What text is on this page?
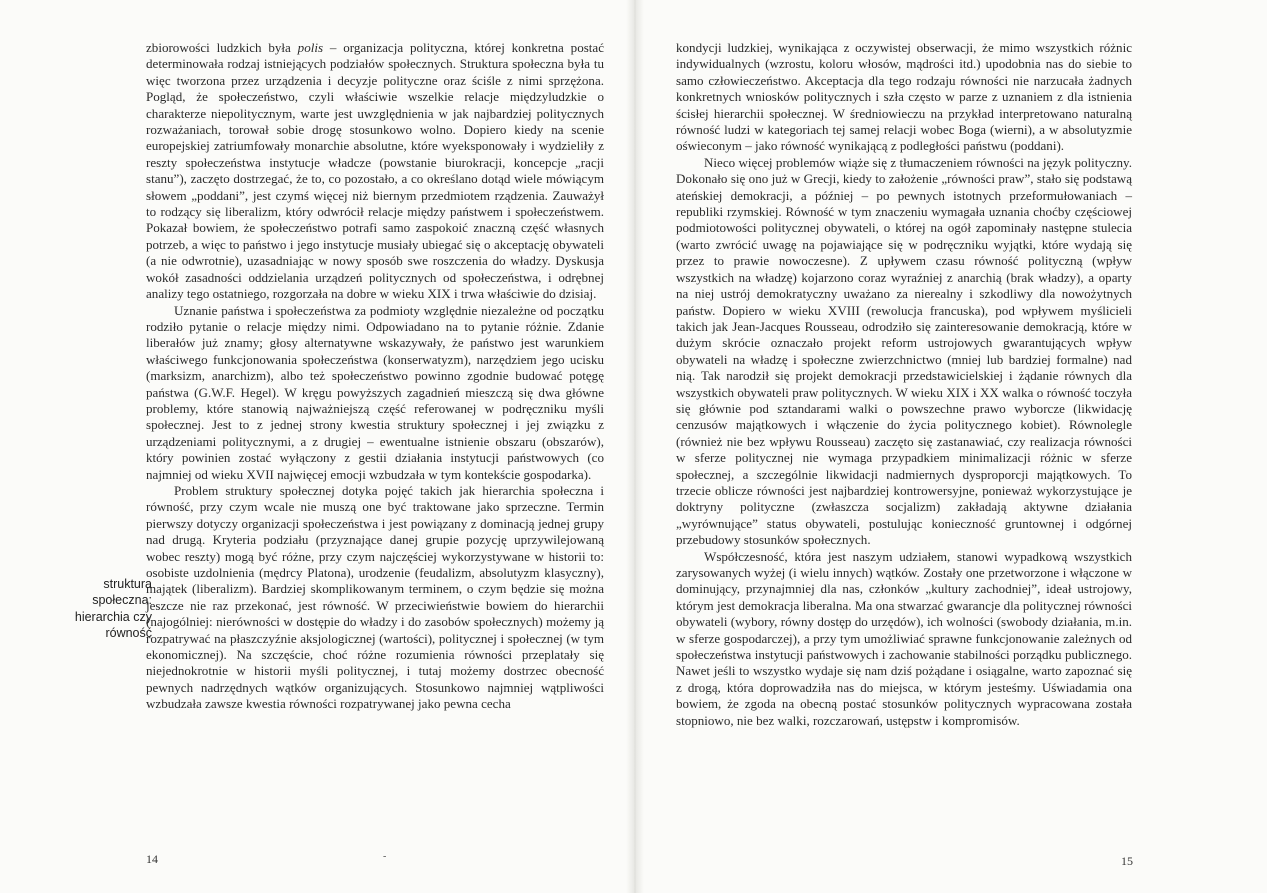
zbiorowości ludzkich była polis – organizacja polityczna, której konkretna postać determinowała rodzaj istniejących podziałów społecznych. Struktura społeczna była tu więc tworzona przez urządzenia i decyzje polityczne oraz ściśle z nimi sprzężona. Pogląd, że społeczeństwo, czyli właściwie wszelkie relacje międzyludzkie o charakterze niepolitycznym, warte jest uwzględnienia w jak najbardziej politycznych rozważaniach, torował sobie drogę stosunkowo wolno. Dopiero kiedy na scenie europejskiej zatriumfowały monarchie absolutne, które wyeksponowały i wydzieliły z reszty społeczeństwa instytucje władcze (powstanie biurokracji, koncepcje „racji stanu”), zaczęto dostrzegać, że to, co pozostało, a co określano dotąd wiele mówiącym słowem „poddani”, jest czymś więcej niż biernym przedmiotem rządzenia. Zauważył to rodzący się liberalizm, który odwrócił relacje między państwem i społeczeństwem. Pokazał bowiem, że społeczeństwo potrafi samo zaspokoić znaczną część własnych potrzeb, a więc to państwo i jego instytucje musiały ubiegać się o akceptację obywateli (a nie odwrotnie), uzasadniając w nowy sposób swe roszczenia do władzy. Dyskusja wokół zasadności oddzielania urządzeń politycznych od społeczeństwa, i odrębnej analizy tego ostatniego, rozgorzała na dobre w wieku XIX i trwa właściwie do dzisiaj.

Uznanie państwa i społeczeństwa za podmioty względnie niezależne od początku rodziło pytanie o relacje między nimi. Odpowiadano na to pytanie różnie. Zdanie liberałów już znamy; głosy alternatywne wskazywały, że państwo jest warunkiem właściwego funkcjonowania społeczeństwa (konserwatyzm), narzędziem jego ucisku (marksizm, anarchizm), albo też społeczeństwo powinno zgodnie budować potęgę państwa (G.W.F. Hegel). W kręgu powyższych zagadnień mieszczą się dwa główne problemy, które stanowią najważniejszą część referowanej w podręczniku myśli społecznej. Jest to z jednej strony kwestia struktury społecznej i jej związku z urządzeniami politycznymi, a z drugiej – ewentualne istnienie obszaru (obszarów), który powinien zostać wyłączony z gestii działania instytucji państwowych (co najmniej od wieku XVII najwięcej emocji wzbudzała w tym kontekście gospodarka).

Problem struktury społecznej dotyka pojęć takich jak hierarchia społeczna i równość, przy czym wcale nie muszą one być traktowane jako sprzeczne. Termin pierwszy dotyczy organizacji społeczeństwa i jest powiązany z dominacją jednej grupy nad drugą. Kryteria podziału (przyznające danej grupie pozycję uprzywilejowaną wobec reszty) mogą być różne, przy czym najczęściej wykorzystywane w historii to: osobiste uzdolnienia (mędrcy Platona), urodzenie (feudalizm, absolutyzm klasyczny), majątek (liberalizm). Bardziej skomplikowanym terminem, o czym będzie się można jeszcze nie raz przekonać, jest równość. W przeciwieństwie bowiem do hierarchii (najogólniej: nierówności w dostępie do władzy i do zasobów społecznych) możemy ją rozpatrywać na płaszczyźnie aksjologicznej (wartości), politycznej i społecznej (w tym ekonomicznej). Na szczęście, choć różne rozumienia równości przeplatały się niejednokrotnie w historii myśli politycznej, i tutaj możemy dostrzec obecność pewnych nadrzędnych wątków organizujących. Stosunkowo najmniej wątpliwości wzbudzała zawsze kwestia równości rozpatrywanej jako pewna cecha

struktura
społeczna:
hierarchia czy
równość
14	-

kondycji ludzkiej, wynikająca z oczywistej obserwacji, że mimo wszystkich różnic indywidualnych (wzrostu, koloru włosów, mądrości itd.) upodobnia nas do siebie to samo człowieczeństwo. Akceptacja dla tego rodzaju równości nie narzucała żadnych konkretnych wniosków politycznych i szła często w parze z uznaniem z dla istnienia ścisłej hierarchii społecznej. W średniowieczu na przykład interpretowano naturalną równość ludzi w kategoriach tej samej relacji wobec Boga (wierni), a w absolutyzmie oświeconym – jako równość wynikającą z podległości państwu (poddani).

Nieco więcej problemów wiąże się z tłumaczeniem równości na język polityczny. Dokonało się ono już w Grecji, kiedy to założenie „równości praw”, stało się podstawą ateńskiej demokracji, a później – po pewnych istotnych przeformułowaniach – republiki rzymskiej. Równość w tym znaczeniu wymagała uznania choćby częściowej podmiotowości politycznej obywateli, o której na ogół zapominały następne stulecia (warto zwrócić uwagę na pojawiające się w podręczniku wyjątki, które wydają się przez to prawie nowoczesne). Z upływem czasu równość polityczną (wpływ wszystkich na władzę) kojarzono coraz wyraźniej z anarchią (brak władzy), a oparty na niej ustrój demokratyczny uważano za nierealny i szkodliwy dla nowożytnych państw. Dopiero w wieku XVIII (rewolucja francuska), pod wpływem myślicieli takich jak Jean-Jacques Rousseau, odrodziło się zainteresowanie demokracją, które w dużym skrócie oznaczało projekt reform ustrojowych gwarantujących wpływ obywateli na władzę i społeczne zwierzchnictwo (mniej lub bardziej formalne) nad nią. Tak narodził się projekt demokracji przedstawicielskiej i żądanie równych dla wszystkich obywateli praw politycznych. W wieku XIX i XX walka o równość toczyła się głównie pod sztandarami walki o powszechne prawo wyborcze (likwidację cenzusów majątkowych i włączenie do życia politycznego kobiet). Równolegle (również nie bez wpływu Rousseau) zaczęto się zastanawiać, czy realizacja równości w sferze politycznej nie wymaga przypadkiem minimalizacji różnic w sferze społecznej, a szczególnie likwidacji nadmiernych dysproporcji majątkowych. To trzecie oblicze równości jest najbardziej kontrowersyjne, ponieważ wykorzystujące je doktryny polityczne (zwłaszcza socjalizm) zakładają aktywne działania „wyrównujące” status obywateli, postulując konieczność gruntownej i odgórnej przebudowy stosunków społecznych.

Współczesność, która jest naszym udziałem, stanowi wypadkową wszystkich zarysowanych wyżej (i wielu innych) wątków. Zostały one przetworzone i włączone w dominujący, przynajmniej dla nas, członków „kultury zachodniej”, ideał ustrojowy, którym jest demokracja liberalna. Ma ona stwarzać gwarancje dla politycznej równości obywateli (wybory, równy dostęp do urzędów), ich wolności (swobody działania, m.in. w sferze gospodarczej), a przy tym umożliwiać sprawne funkcjonowanie zależnych od społeczeństwa instytucji państwowych i zachowanie stabilności porządku publicznego. Nawet jeśli to wszystko wydaje się nam dziś pożądane i osiągalne, warto zapoznać się z drogą, która doprowadziła nas do miejsca, w którym jesteśmy. Uświadamia ona bowiem, że zgoda na obecną postać stosunków politycznych wypracowana została stopniowo, nie bez walki, rozczarowań, ustępstw i kompromisów.

15
